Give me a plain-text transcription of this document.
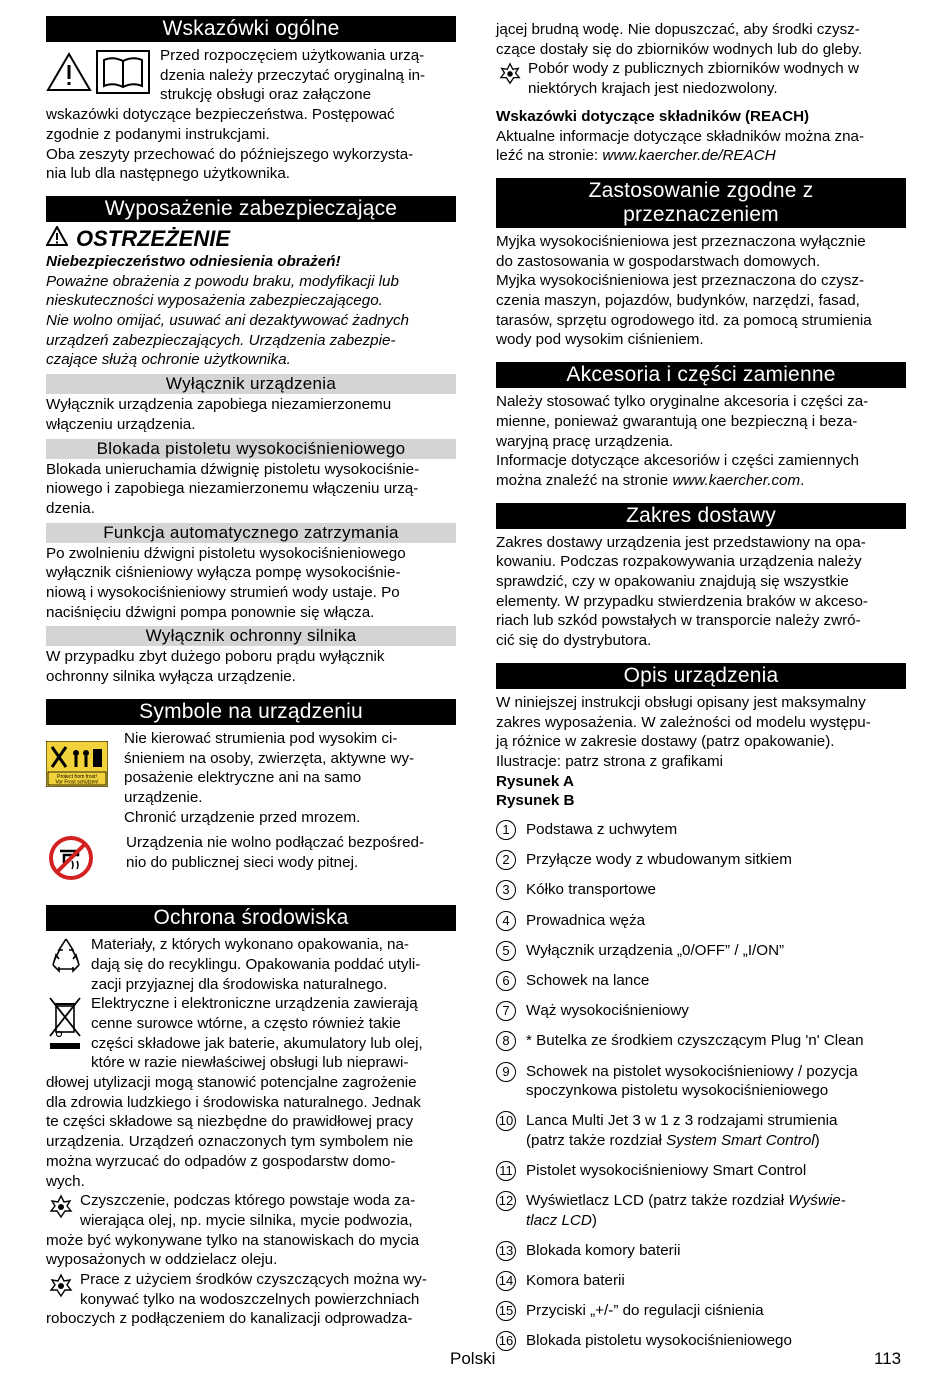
Wskazówki ogólne

Przed rozpoczęciem użytkowania urzą-

dzenia należy przeczytać oryginalną in-

strukcję obsługi oraz załączone

wskazówki dotyczące bezpieczeństwa. Postępować

zgodnie z podanymi instrukcjami.

Oba zeszyty przechować do późniejszego wykorzysta-

nia lub dla następnego użytkownika.

Wyposażenie zabezpieczające
OSTRZEŻENIE

Niebezpieczeństwo odniesienia obrażeń!

Poważne obrażenia z powodu braku, modyfikacji lub

nieskuteczności wyposażenia zabezpieczającego.

Nie wolno omijać, usuwać ani dezaktywować żadnych

urządzeń zabezpieczających. Urządzenia zabezpie-

czające służą ochronie użytkownika.

Wyłącznik urządzenia

Wyłącznik urządzenia zapobiega niezamierzonemu

włączeniu urządzenia.

Blokada pistoletu wysokociśnieniowego

Blokada unieruchamia dźwignię pistoletu wysokociśnie-

niowego i zapobiega niezamierzonemu włączeniu urzą-

dzenia.

Funkcja automatycznego zatrzymania

Po zwolnieniu dźwigni pistoletu wysokociśnieniowego

wyłącznik ciśnieniowy wyłącza pompę wysokociśnie-

niową i wysokociśnieniowy strumień wody ustaje. Po

naciśnięciu dźwigni pompa ponownie się włącza.

Wyłącznik ochronny silnika

W przypadku zbyt dużego poboru prądu wyłącznik

ochronny silnika wyłącza urządzenie.

Symbole na urządzeniu
Protect from frost!
Vor Frost schützen!

Nie kierować strumienia pod wysokim ci-

śnieniem na osoby, zwierzęta, aktywne wy-

posażenie elektryczne ani na samo

urządzenie.

Chronić urządzenie przed mrozem.

Urządzenia nie wolno podłączać bezpośred-

nio do publicznej sieci wody pitnej.

Ochrona środowiska

Materiały, z których wykonano opakowania, na-

dają się do recyklingu. Opakowania poddać utyli-

zacji przyjaznej dla środowiska naturalnego.

Elektryczne i elektroniczne urządzenia zawierają

cenne surowce wtórne, a często również takie

części składowe jak baterie, akumulatory lub olej,

które w razie niewłaściwej obsługi lub nieprawi-

dłowej utylizacji mogą stanowić potencjalne zagrożenie

dla zdrowia ludzkiego i środowiska naturalnego. Jednak

te części składowe są niezbędne do prawidłowej pracy

urządzenia. Urządzeń oznaczonych tym symbolem nie

można wyrzucać do odpadów z gospodarstw domo-

wych.

Czyszczenie, podczas którego powstaje woda za-

wierająca olej, np. mycie silnika, mycie podwozia,

może być wykonywane tylko na stanowiskach do mycia

wyposażonych w oddzielacz oleju.

Prace z użyciem środków czyszczących można wy-

konywać tylko na wodoszczelnych powierzchniach

roboczych z podłączeniem do kanalizacji odprowadza-

jącej brudną wodę. Nie dopuszczać, aby środki czysz-

czące dostały się do zbiorników wodnych lub do gleby.

Pobór wody z publicznych zbiorników wodnych w

niektórych krajach jest niedozwolony.

Wskazówki dotyczące składników (REACH)

Aktualne informacje dotyczące składników można zna-

leźć na stronie: www.kaercher.de/REACH

Zastosowanie zgodne z
przeznaczeniem

Myjka wysokociśnieniowa jest przeznaczona wyłącznie

do zastosowania w gospodarstwach domowych.

Myjka wysokociśnieniowa jest przeznaczona do czysz-

czenia maszyn, pojazdów, budynków, narzędzi, fasad,

tarasów, sprzętu ogrodowego itd. za pomocą strumienia

wody pod wysokim ciśnieniem.

Akcesoria i części zamienne

Należy stosować tylko oryginalne akcesoria i części za-

mienne, ponieważ gwarantują one bezpieczną i beza-

waryjną pracę urządzenia.

Informacje dotyczące akcesoriów i części zamiennych

można znaleźć na stronie www.kaercher.com.

Zakres dostawy

Zakres dostawy urządzenia jest przedstawiony na opa-

kowaniu. Podczas rozpakowywania urządzenia należy

sprawdzić, czy w opakowaniu znajdują się wszystkie

elementy. W przypadku stwierdzenia braków w akceso-

riach lub szkód powstałych w transporcie należy zwró-

cić się do dystrybutora.

Opis urządzenia

W niniejszej instrukcji obsługi opisany jest maksymalny

zakres wyposażenia. W zależności od modelu występu-

ją różnice w zakresie dostawy (patrz opakowanie).

Ilustracje: patrz strona z grafikami

Rysunek A

Rysunek B

1	Podstawa z uchwytem

2	Przyłącze wody z wbudowanym sitkiem

3	Kółko transportowe

4	Prowadnica węża

5	Wyłącznik urządzenia „0/OFF” / „I/ON”

6	Schowek na lance

7	Wąż wysokociśnieniowy

8	* Butelka ze środkiem czyszczącym Plug 'n' Clean

9	Schowek na pistolet wysokociśnieniowy / pozycja

spoczynkowa pistoletu wysokociśnieniowego

10 Lanca Multi Jet 3 w 1 z 3 rodzajami strumienia

(patrz także rozdział System Smart Control)

11 Pistolet wysokociśnieniowy Smart Control

12 Wyświetlacz LCD (patrz także rozdział Wyświe-

tlacz LCD)

13 Blokada komory baterii

14 Komora baterii

15 Przyciski „+/-” do regulacji ciśnienia

16 Blokada pistoletu wysokociśnieniowego

Polski	113
